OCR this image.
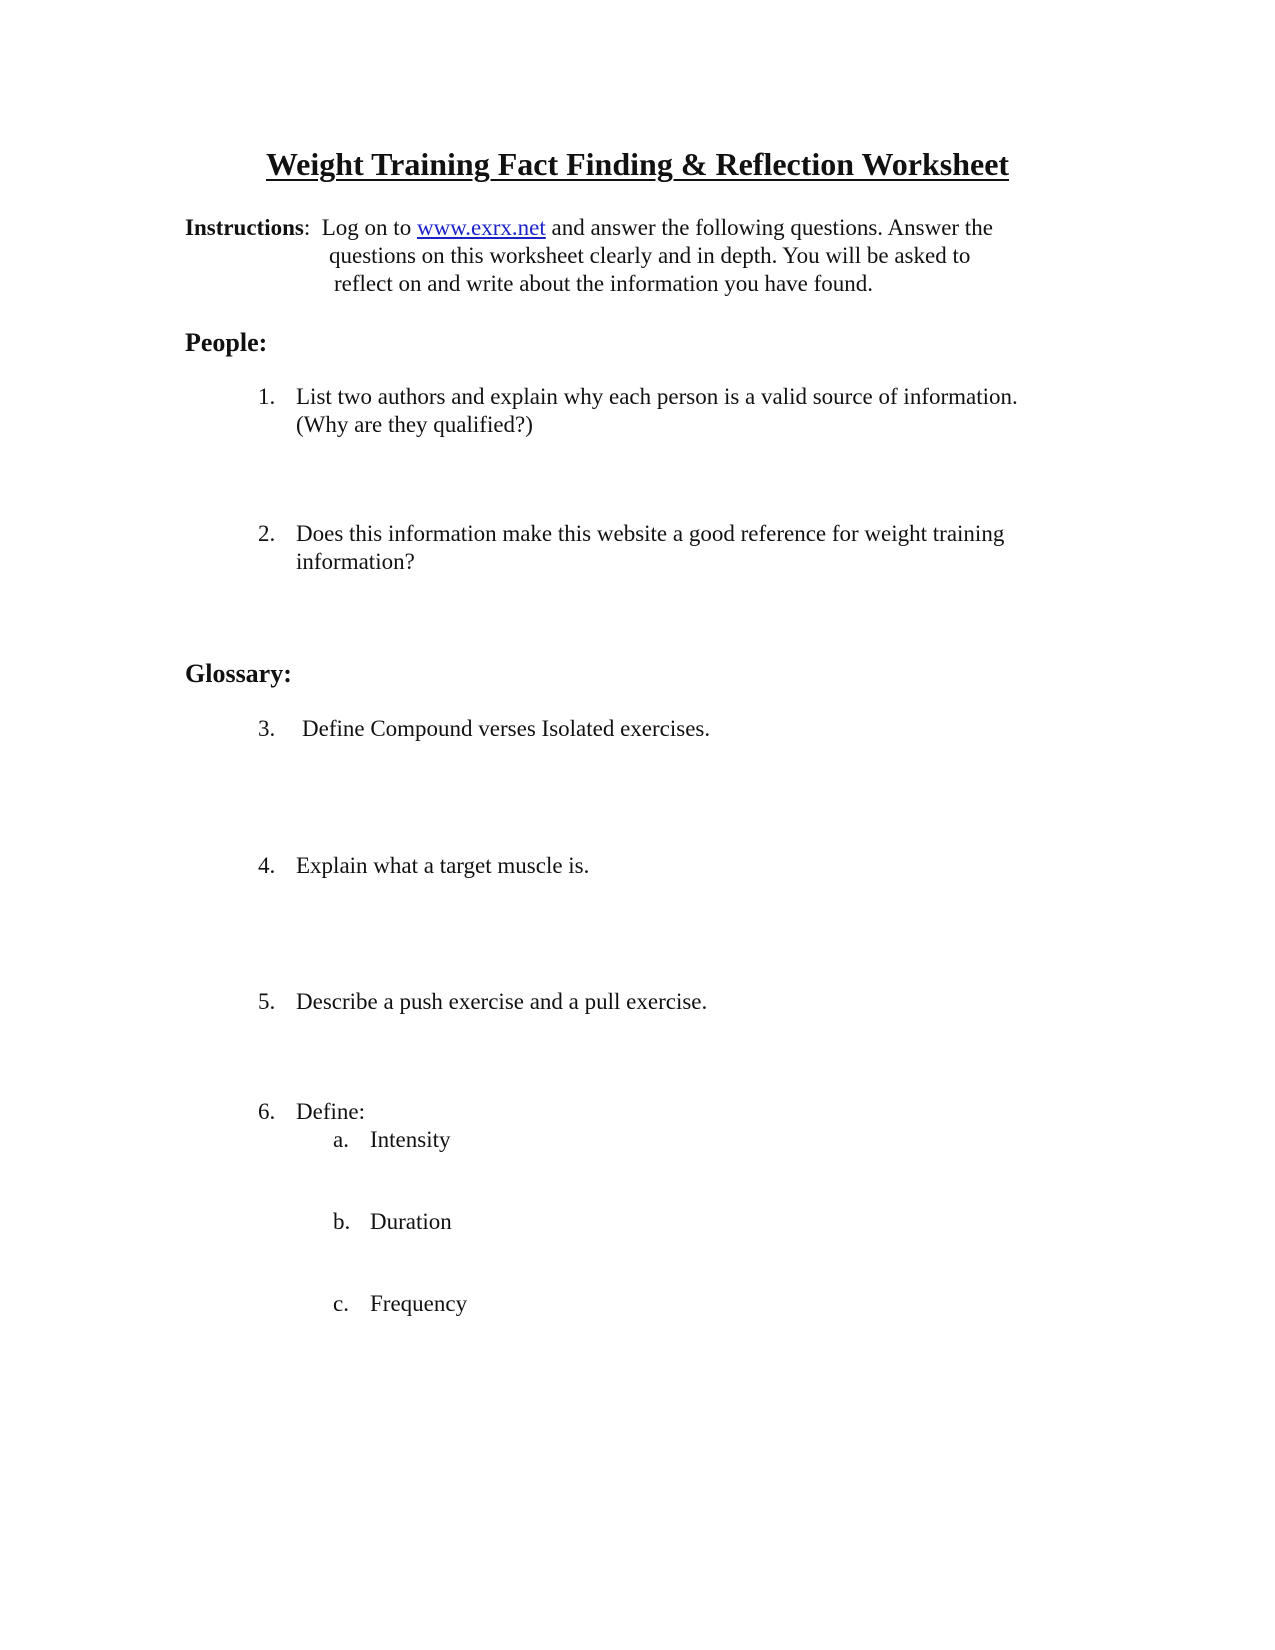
Weight Training Fact Finding & Reflection Worksheet
Instructions: Log on to www.exrx.net and answer the following questions. Answer the
questions on this worksheet clearly and in depth. You will be asked to
reflect on and write about the information you have found.
People:
1. List two authors and explain why each person is a valid source of information.
(Why are they qualified?)
2. Does this information make this website a good reference for weight training
information?
Glossary:
3. Define Compound verses Isolated exercises.
4. Explain what a target muscle is.
5. Describe a push exercise and a pull exercise.
6. Define:
a. Intensity
b. Duration
c. Frequency
